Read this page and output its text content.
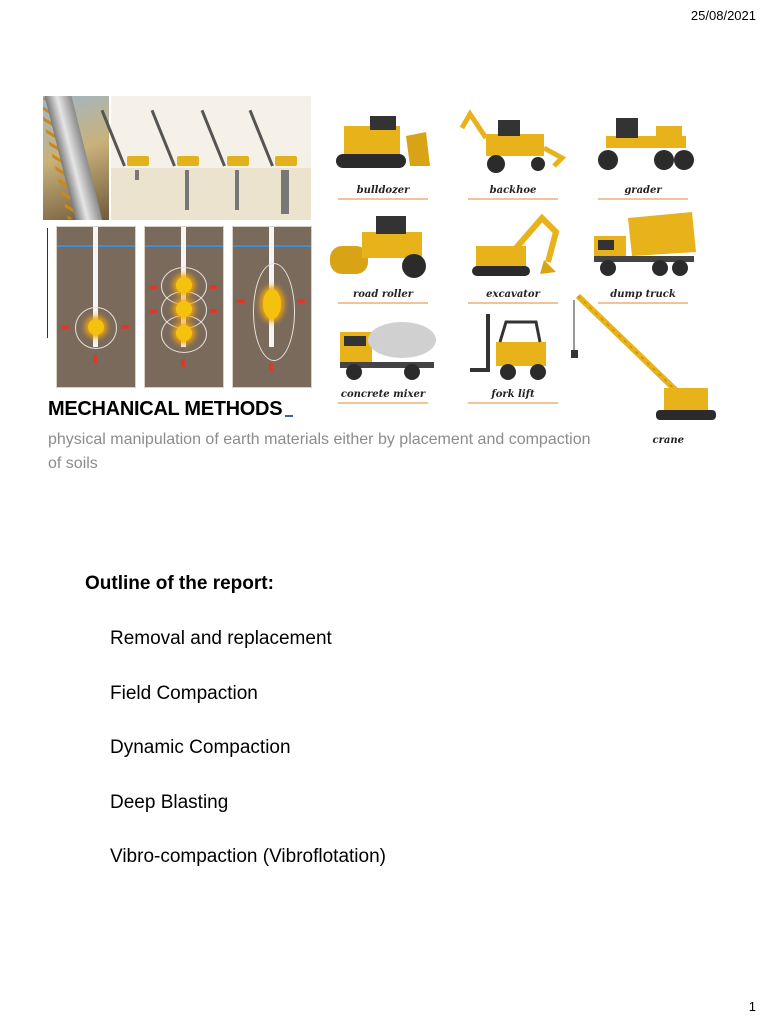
25/08/2021
bulldozer	backhoe	grader
road roller	excavator	dump truck
concrete mixer	fork lift
crane
MECHANICAL METHODS
physical manipulation of earth materials either by placement and compaction of soils
Outline of the report:
Removal and replacement
Field Compaction
Dynamic Compaction
Deep Blasting
Vibro-compaction (Vibroflotation)
1
